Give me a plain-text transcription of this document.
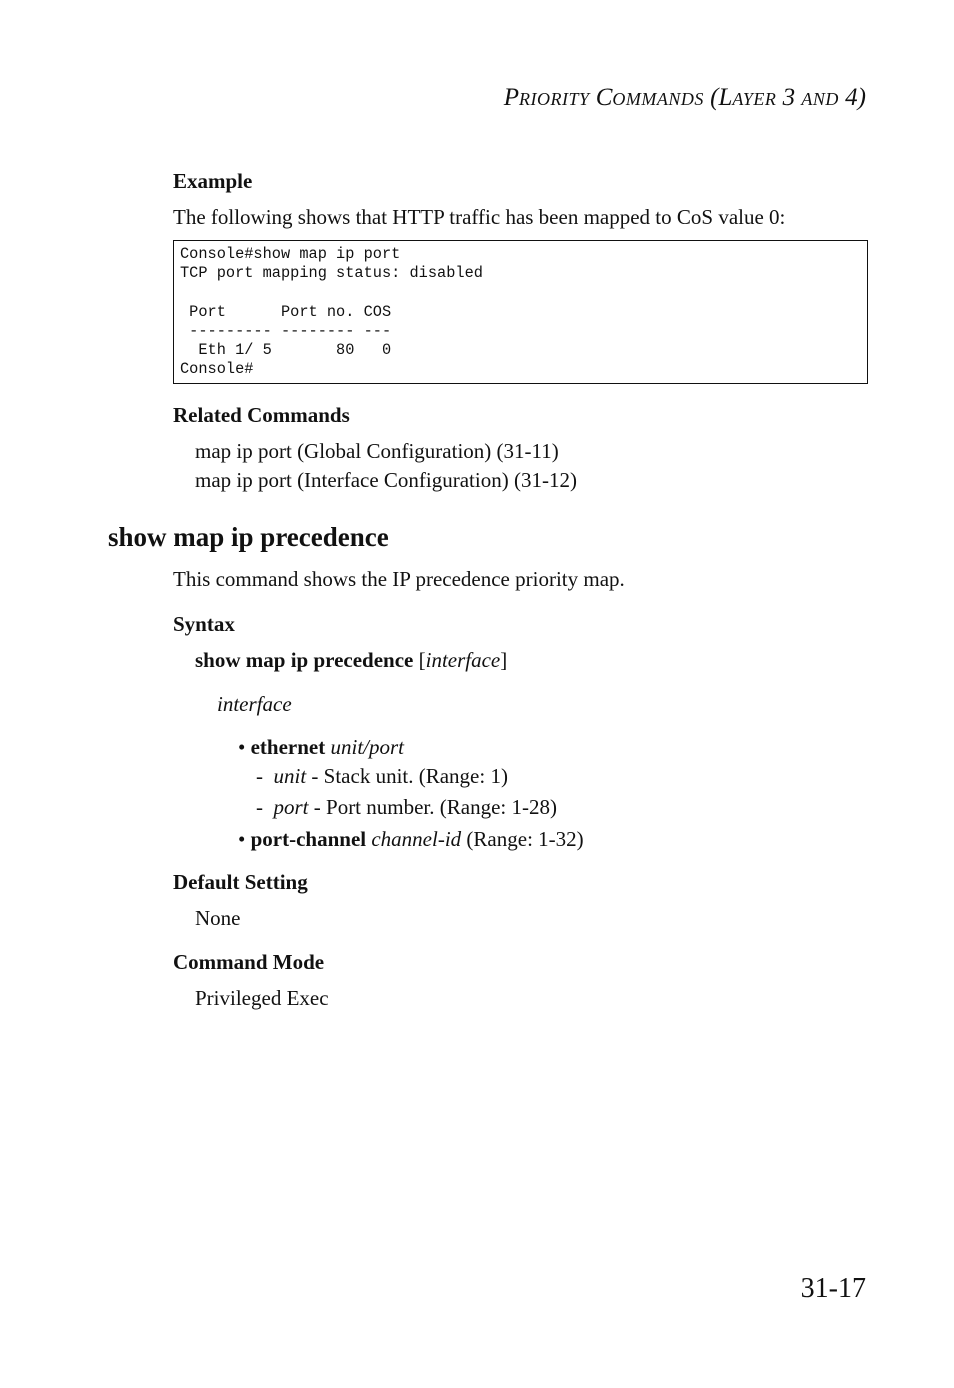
PRIORITY COMMANDS (LAYER 3 AND 4)
Example
The following shows that HTTP traffic has been mapped to CoS value 0:
Console#show map ip port
TCP port mapping status: disabled

Port      Port no. COS
--------- -------- ---
Eth 1/ 5       80   0
Console#
Related Commands
map ip port (Global Configuration) (31-11)
map ip port (Interface Configuration) (31-12)
show map ip precedence
This command shows the IP precedence priority map.
Syntax
show map ip precedence [interface]
interface
• ethernet unit/port
- unit - Stack unit. (Range: 1)
- port - Port number. (Range: 1-28)
• port-channel channel-id (Range: 1-32)
Default Setting
None
Command Mode
Privileged Exec
31-17
